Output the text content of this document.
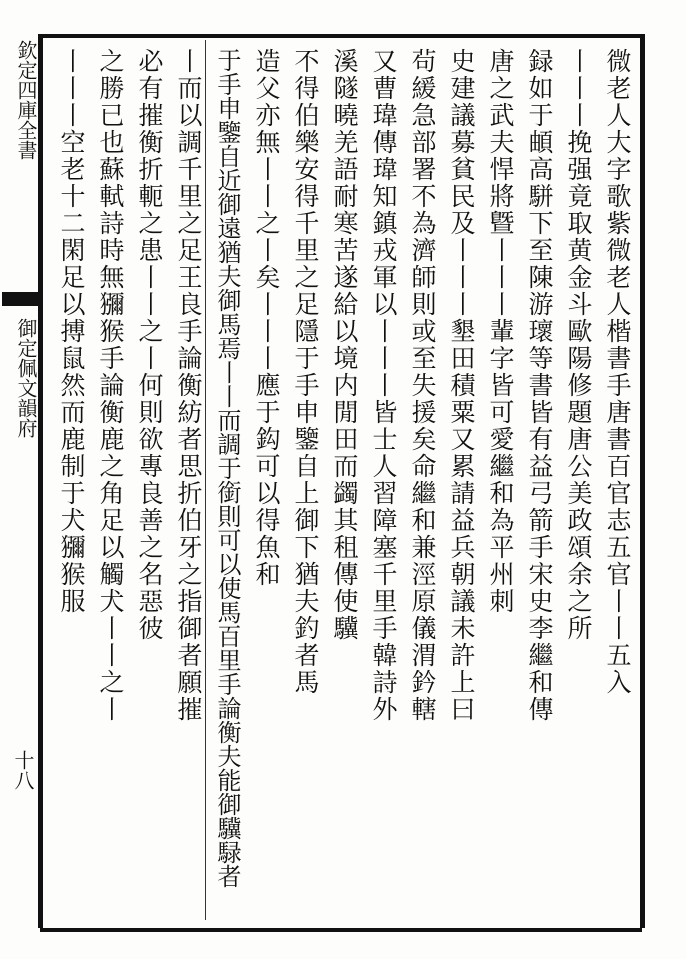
欽定四庫全書
御定佩文韻府
十八
微老人大字歌紫微老人楷書手唐書百官志五官丨丨五入
丨丨丨挽强竟取黄金斗歐陽修題唐公美政頌余之所
録如于頔高駢下至陳游瓌等書皆有益弓箭手宋史李繼和傳
唐之武夫悍將曁丨丨丨輩字皆可愛繼和為平州刺
史建議募貧民及丨丨丨墾田積粟又累請益兵朝議未許上曰
茍緩急部署不為濟師則或至失援矣命繼和兼涇原儀渭鈐轄
又曹瑋傳瑋知鎮戎軍以丨丨丨皆士人習障塞千里手韓詩外
溪隧曉羌語耐寒苦遂給以境内閒田而蠲其租傳使驥
不得伯樂安得千里之足隱于手申鑒自上御下猶夫釣者馬
造父亦無丨丨之丨矣丨丨丨應于鈎可以得魚和
于手申鑒自近御遠猶夫御馬焉丨丨而調于銜則可以使馬百里手論衡夫能御驥騄者
丨而以調千里之足王良手論衡紡者思折伯牙之指御者願摧
必有摧衡折軛之患丨丨之丨何則欲專良善之名惡彼
之勝已也蘇軾詩時無獼猴手論衡鹿之角足以觸犬丨丨之丨
丨丨丨空老十二閑足以搏鼠然而鹿制于犬獼猴服
